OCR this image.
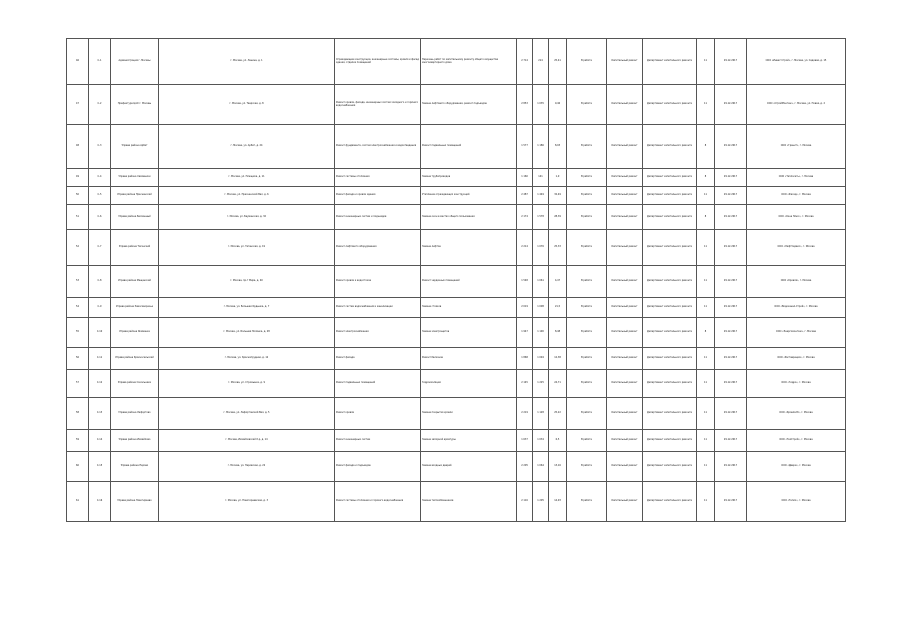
46	С-1	Администрация г. Москвы	г. Москва, ул. Ленина, д. 1	Ограждающие конструкции, инженерные системы, кровля и фасад здания, отделка помещений	Перечень работ по капитальному ремонту общего имущества многоквартирного дома	2 714	214	25,41	В работе	Капитальный ремонт	Департамент капитального ремонта	11	29.12.2017	ООО «Инвестстрой», г. Москва, ул. Садовая, д. 15
47	С-2	Префектура ЦАО г. Москвы	г. Москва, ул. Тверская, д. 8	Ремонт кровли, фасада, инженерных систем холодного и горячего водоснабжения	Замена лифтового оборудования, ремонт подъездов	2 853	1 035	9,46	В работе	Капитальный ремонт	Департамент капитального ремонта	11	29.12.2017	ООО «СтройМонтаж», г. Москва, ул. Новая, д. 2
48	С-3	Управа района Арбат	г. Москва, ул. Арбат, д. 24	Ремонт фундамента, систем электроснабжения и водоотведения	Ремонт подвальных помещений	1 577	1 186	8,93	В работе	Капитальный ремонт	Департамент капитального ремонта	8	29.12.2017	ООО «Гранит», г. Москва
49	С-4	Управа района Хамовники	г. Москва, ул. Плющиха, д. 11	Ремонт системы отопления	Замена трубопроводов	1 160	141	1,9	В работе	Капитальный ремонт	Департамент капитального ремонта	8	29.12.2017	ООО «Теплосеть», г. Москва
50	С-5	Управа района Пресненский	г. Москва, ул. Пресненский Вал, д. 6	Ремонт фасада и кровли здания	Утепление ограждающих конструкций	2 487	1 449	32,49	В работе	Капитальный ремонт	Департамент капитального ремонта	11	29.12.2017	ООО «Фасад», г. Москва
51	С-6	Управа района Басманный	г. Москва, ул. Бауманская, д. 32	Ремонт инженерных систем и подъездов	Замена окон в местах общего пользования	2 174	1 578	28,39	В работе	Капитальный ремонт	Департамент капитального ремонта	8	29.12.2017	ООО «Окна Плюс», г. Москва
52	С-7	Управа района Таганский	г. Москва, ул. Таганская, д. 19	Ремонт лифтового оборудования	Замена лифтов	2 214	1 076	25,33	В работе	Капитальный ремонт	Департамент капитального ремонта	11	29.12.2017	ООО «ЛифтСервис», г. Москва
53	С-8	Управа района Мещанский	г. Москва, пр-т Мира, д. 40	Ремонт кровли и водостоков	Ремонт чердачных помещений	1 548	1 061	4,47	В работе	Капитальный ремонт	Департамент капитального ремонта	11	29.12.2017	ООО «Кровля», г. Москва
54	С-9	Управа района Замоскворечье	г. Москва, ул. Большая Ордынка, д. 7	Ремонт систем водоснабжения и канализации	Замена стояков	2 019	1 008	21,5	В работе	Капитальный ремонт	Департамент капитального ремонта	11	29.12.2017	ООО «Водоканал-Строй», г. Москва
55	С-10	Управа района Якиманка	г. Москва, ул. Большая Полянка, д. 28	Ремонт электроснабжения	Замена электрощитов	1 947	1 190	8,48	В работе	Капитальный ремонт	Департамент капитального ремонта	8	29.12.2017	ООО «Энергомонтаж», г. Москва
56	С-11	Управа района Красносельский	г. Москва, ул. Краснопрудная, д. 12	Ремонт фасада	Ремонт балконов	1 868	1 094	12,38	В работе	Капитальный ремонт	Департамент капитального ремонта	11	29.12.2017	ООО «Реставрация», г. Москва
57	С-12	Управа района Сокольники	г. Москва, ул. Стромынка, д. 9	Ремонт подвальных помещений	Гидроизоляция	2 145	1 225	24,71	В работе	Капитальный ремонт	Департамент капитального ремонта	11	29.12.2017	ООО «Гидро», г. Москва
58	С-13	Управа района Лефортово	г. Москва, ул. Лефортовский Вал, д. 5	Ремонт кровли	Замена покрытия кровли	2 219	1 128	25,22	В работе	Капитальный ремонт	Департамент капитального ремонта	11	29.12.2017	ООО «Кровля-М», г. Москва
59	С-14	Управа района Измайлово	г. Москва, Измайловский б-р, д. 14	Ремонт инженерных систем	Замена запорной арматуры	1 637	1 034	6,5	В работе	Капитальный ремонт	Департамент капитального ремонта	11	29.12.2017	ООО «ТехСтрой», г. Москва
60	С-15	Управа района Перово	г. Москва, ул. Перовская, д. 22	Ремонт фасада и подъездов	Замена входных дверей	2 205	1 064	13,16	В работе	Капитальный ремонт	Департамент капитального ремонта	11	29.12.2017	ООО «Двери», г. Москва
61	С-16	Управа района Новогиреево	г. Москва, ул. Новогиреевская, д. 3	Ремонт системы отопления и горячего водоснабжения	Замена теплообменников	2 116	1 205	14,93	В работе	Капитальный ремонт	Департамент капитального ремонта	11	29.12.2017	ООО «Тепло», г. Москва
